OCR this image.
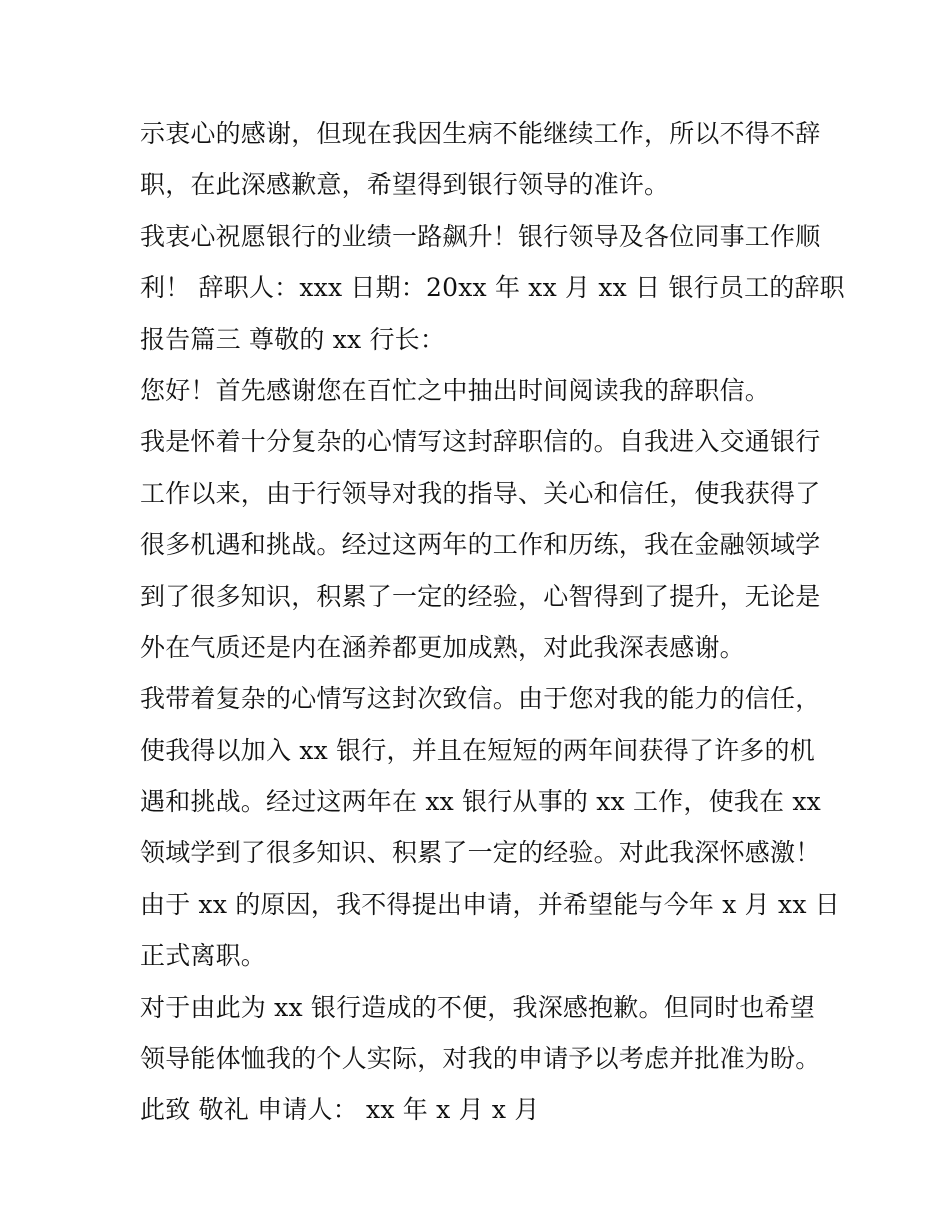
示衷心的感谢，但现在我因生病不能继续工作，所以不得不辞
职，在此深感歉意，希望得到银行领导的准许。
我衷心祝愿银行的业绩一路飙升！银行领导及各位同事工作顺
利！ 辞职人：xxx 日期：20xx 年 xx 月 xx 日 银行员工的辞职
报告篇三 尊敬的 xx 行长：
您好！首先感谢您在百忙之中抽出时间阅读我的辞职信。
我是怀着十分复杂的心情写这封辞职信的。自我进入交通银行
工作以来，由于行领导对我的指导、关心和信任，使我获得了
很多机遇和挑战。经过这两年的工作和历练，我在金融领域学
到了很多知识，积累了一定的经验，心智得到了提升，无论是
外在气质还是内在涵养都更加成熟，对此我深表感谢。
我带着复杂的心情写这封次致信。由于您对我的能力的信任，
使我得以加入 xx 银行，并且在短短的两年间获得了许多的机
遇和挑战。经过这两年在 xx 银行从事的 xx 工作，使我在 xx
领域学到了很多知识、积累了一定的经验。对此我深怀感激！
由于 xx 的原因，我不得提出申请，并希望能与今年 x 月 xx 日
正式离职。
对于由此为 xx 银行造成的不便，我深感抱歉。但同时也希望
领导能体恤我的个人实际，对我的申请予以考虑并批准为盼。
此致 敬礼 申请人： xx 年 x 月 x 月
